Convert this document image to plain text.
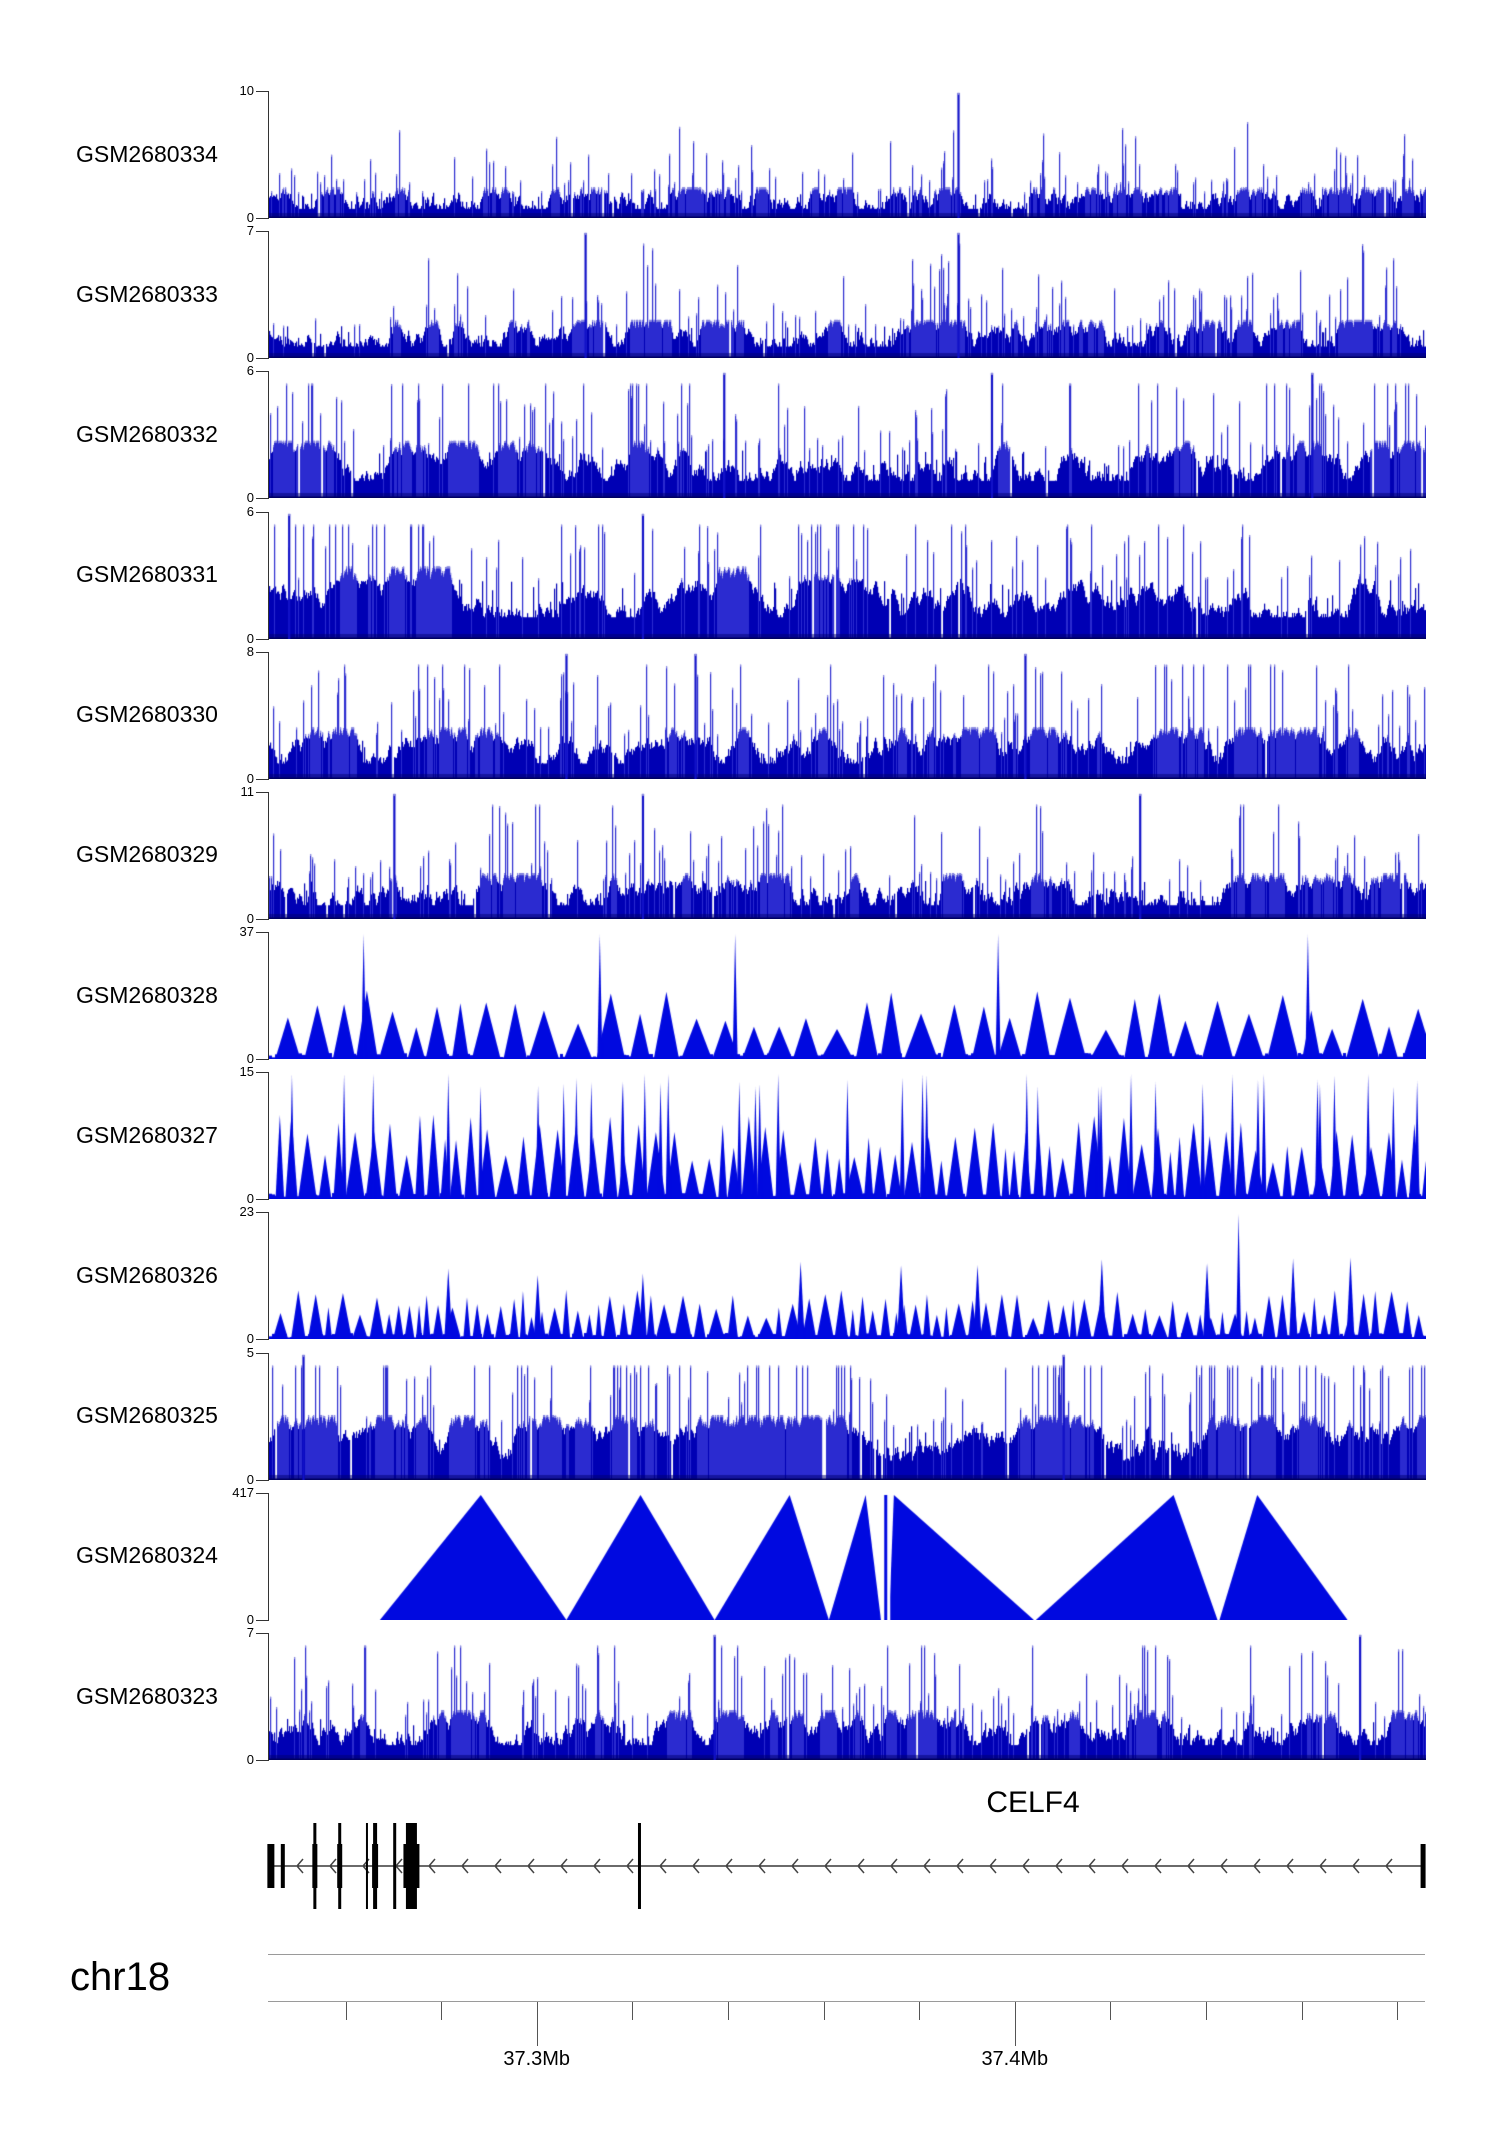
GSM2680334
10
0
GSM2680333
7
0
GSM2680332
6
0
GSM2680331
6
0
GSM2680330
8
0
GSM2680329
11
0
GSM2680328
37
0
GSM2680327
15
0
GSM2680326
23
0
GSM2680325
5
0
GSM2680324
417
0
GSM2680323
7
0
CELF4
chr18
37.3Mb	37.4Mb
